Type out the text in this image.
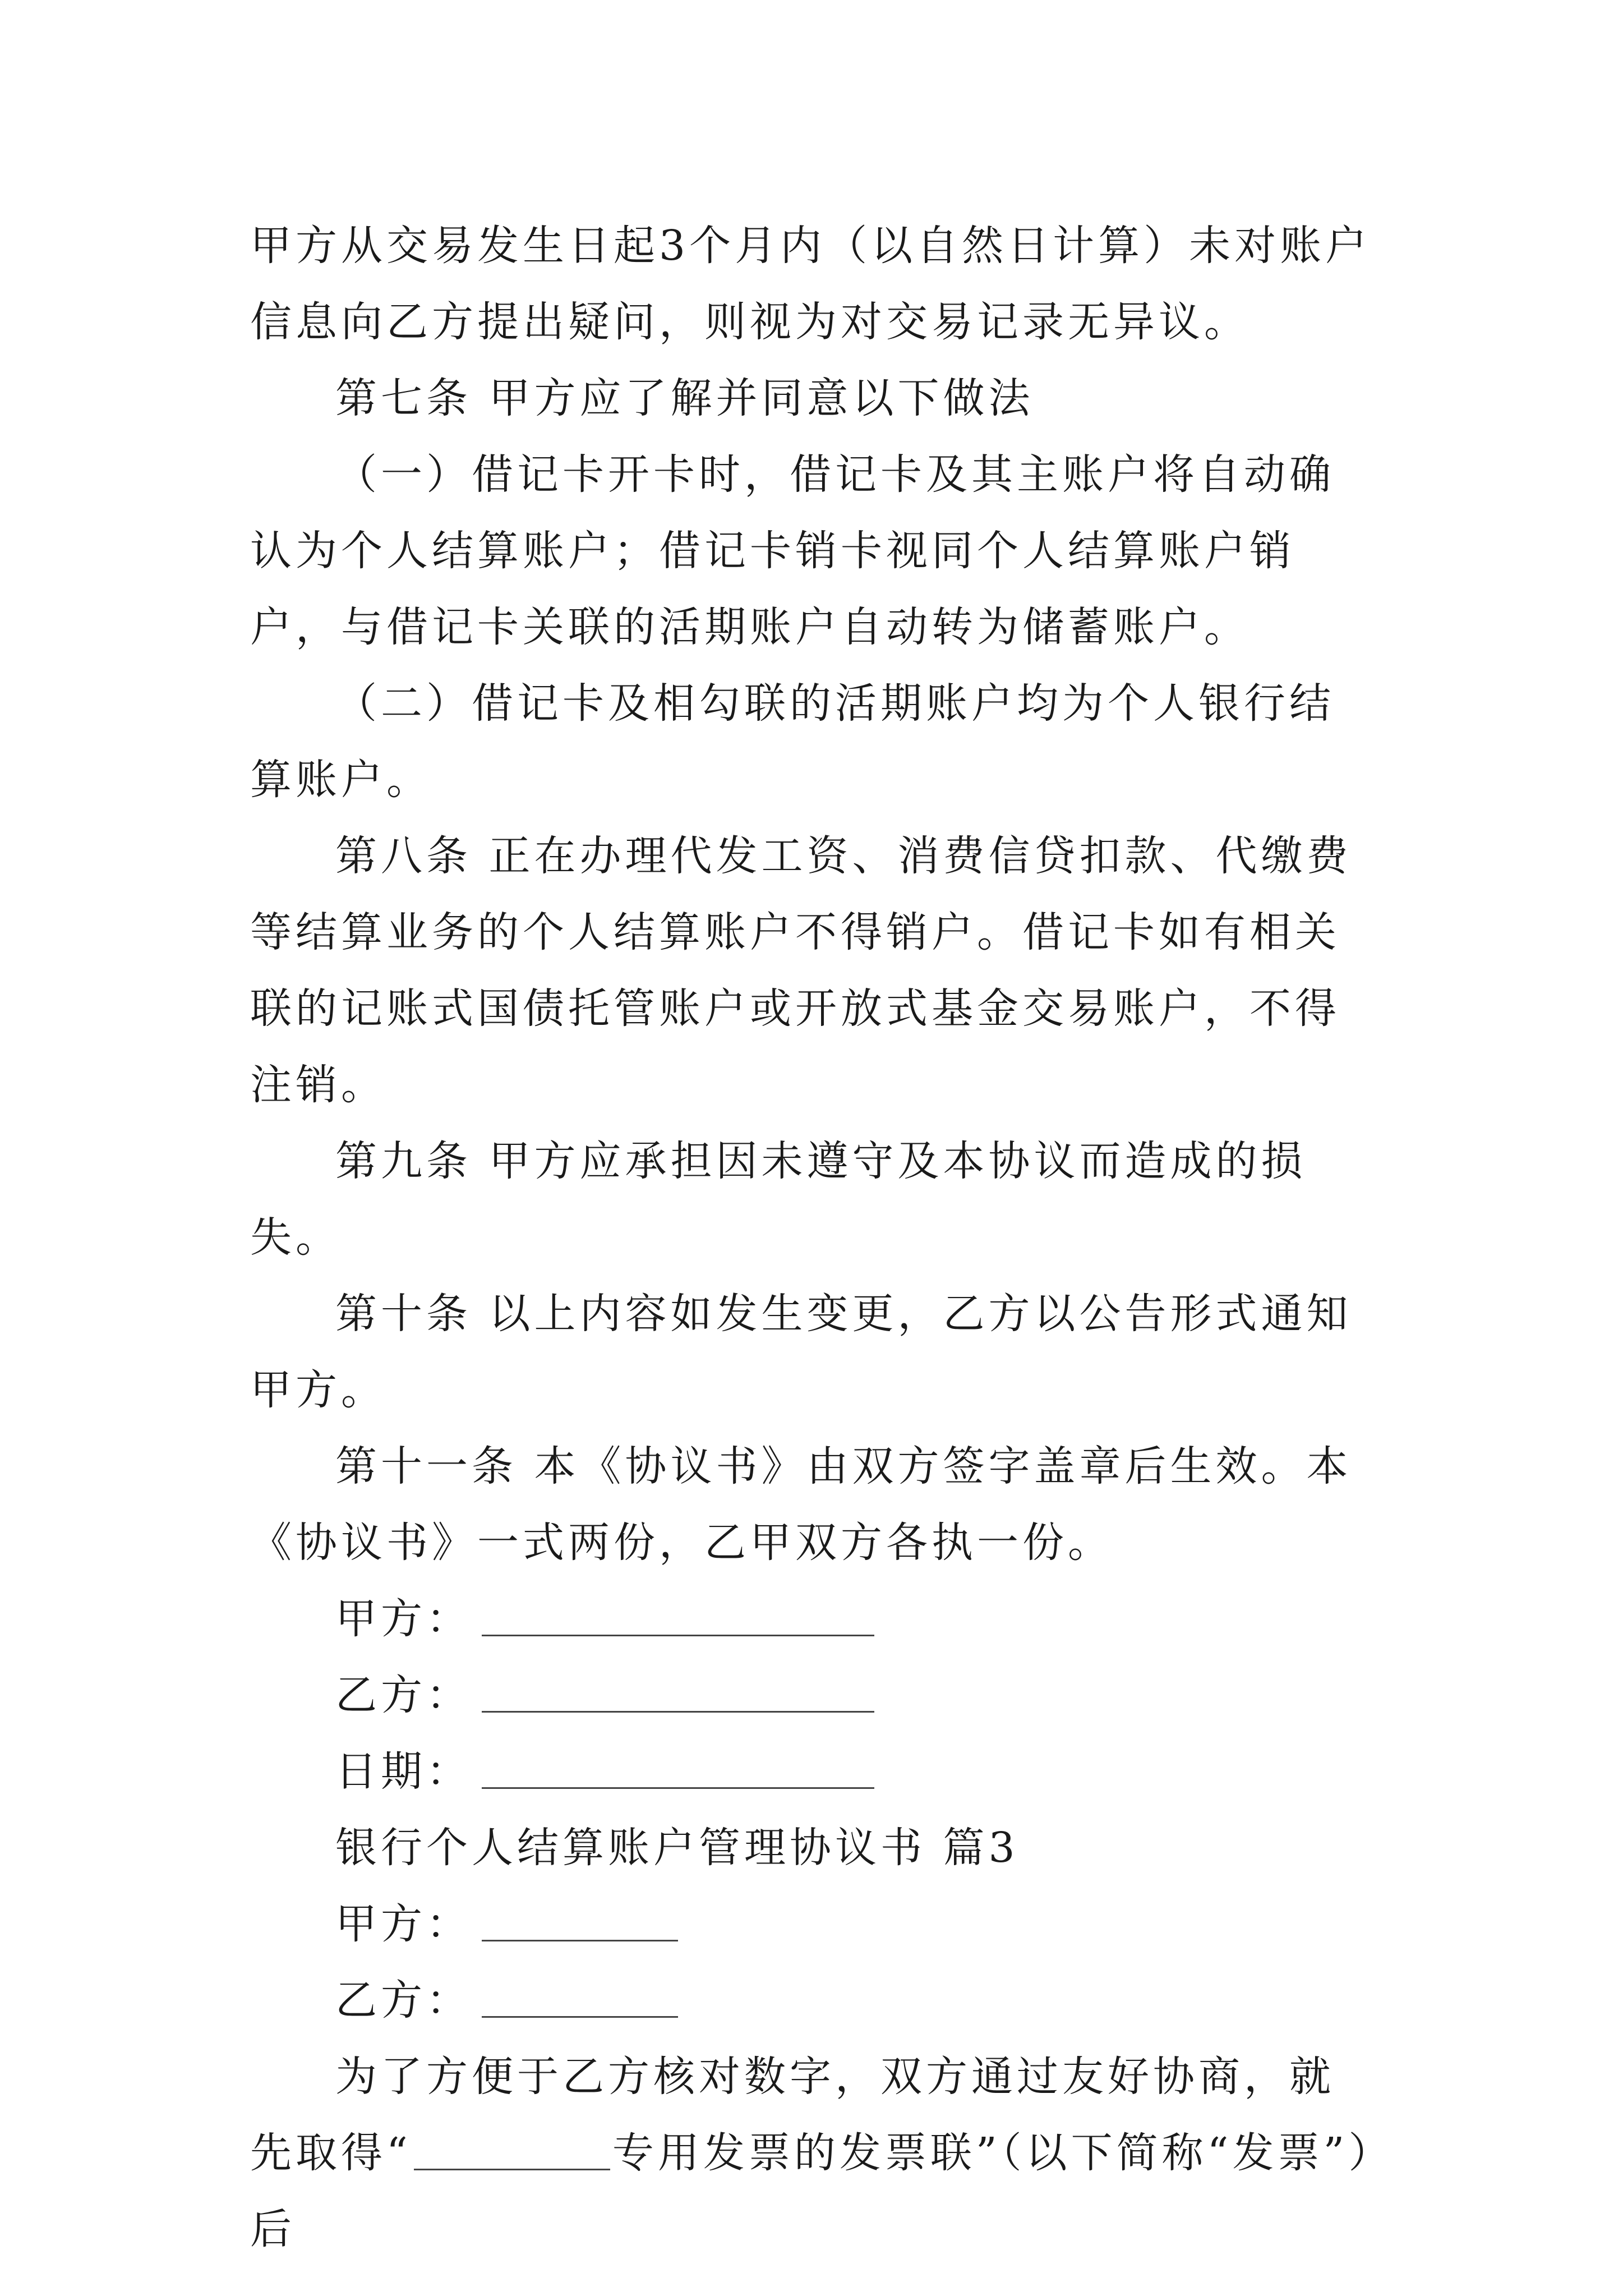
甲方从交易发生日起3个月内（以自然日计算）未对账户信息向乙方提出疑问，则视为对交易记录无异议。

第七条 甲方应了解并同意以下做法

（一）借记卡开卡时，借记卡及其主账户将自动确认为个人结算账户；借记卡销卡视同个人结算账户销户，与借记卡关联的活期账户自动转为储蓄账户。

（二）借记卡及相勾联的活期账户均为个人银行结算账户。

第八条 正在办理代发工资、消费信贷扣款、代缴费等结算业务的个人结算账户不得销户。借记卡如有相关联的记账式国债托管账户或开放式基金交易账户，不得注销。

第九条 甲方应承担因未遵守及本协议而造成的损失。

第十条 以上内容如发生变更，乙方以公告形式通知甲方。

第十一条 本《协议书》由双方签字盖章后生效。本《协议书》一式两份，乙甲双方各执一份。

甲方：
乙方：
日期：

银行个人结算账户管理协议书 篇3

甲方：
乙方：

为了方便于乙方核对数字，双方通过友好协商，就先取得“	专用发票的发票联”（以下简称“发票”）后
